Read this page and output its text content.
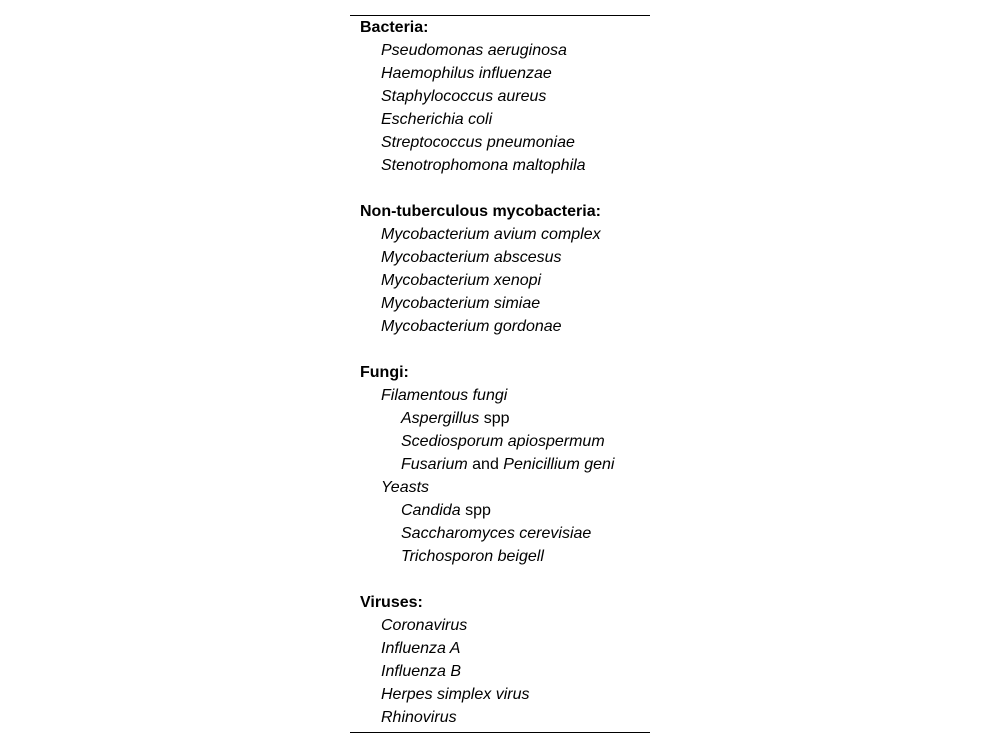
Bacteria:
Pseudomonas aeruginosa
Haemophilus influenzae
Staphylococcus aureus
Escherichia coli
Streptococcus pneumoniae
Stenotrophomona maltophila
Non-tuberculous mycobacteria:
Mycobacterium avium complex
Mycobacterium abscesus
Mycobacterium xenopi
Mycobacterium simiae
Mycobacterium gordonae
Fungi:
Filamentous fungi
Aspergillus spp
Scediosporum apiospermum
Fusarium and Penicillium geni
Yeasts
Candida spp
Saccharomyces cerevisiae
Trichosporon beigell
Viruses:
Coronavirus
Influenza A
Influenza B
Herpes simplex virus
Rhinovirus
